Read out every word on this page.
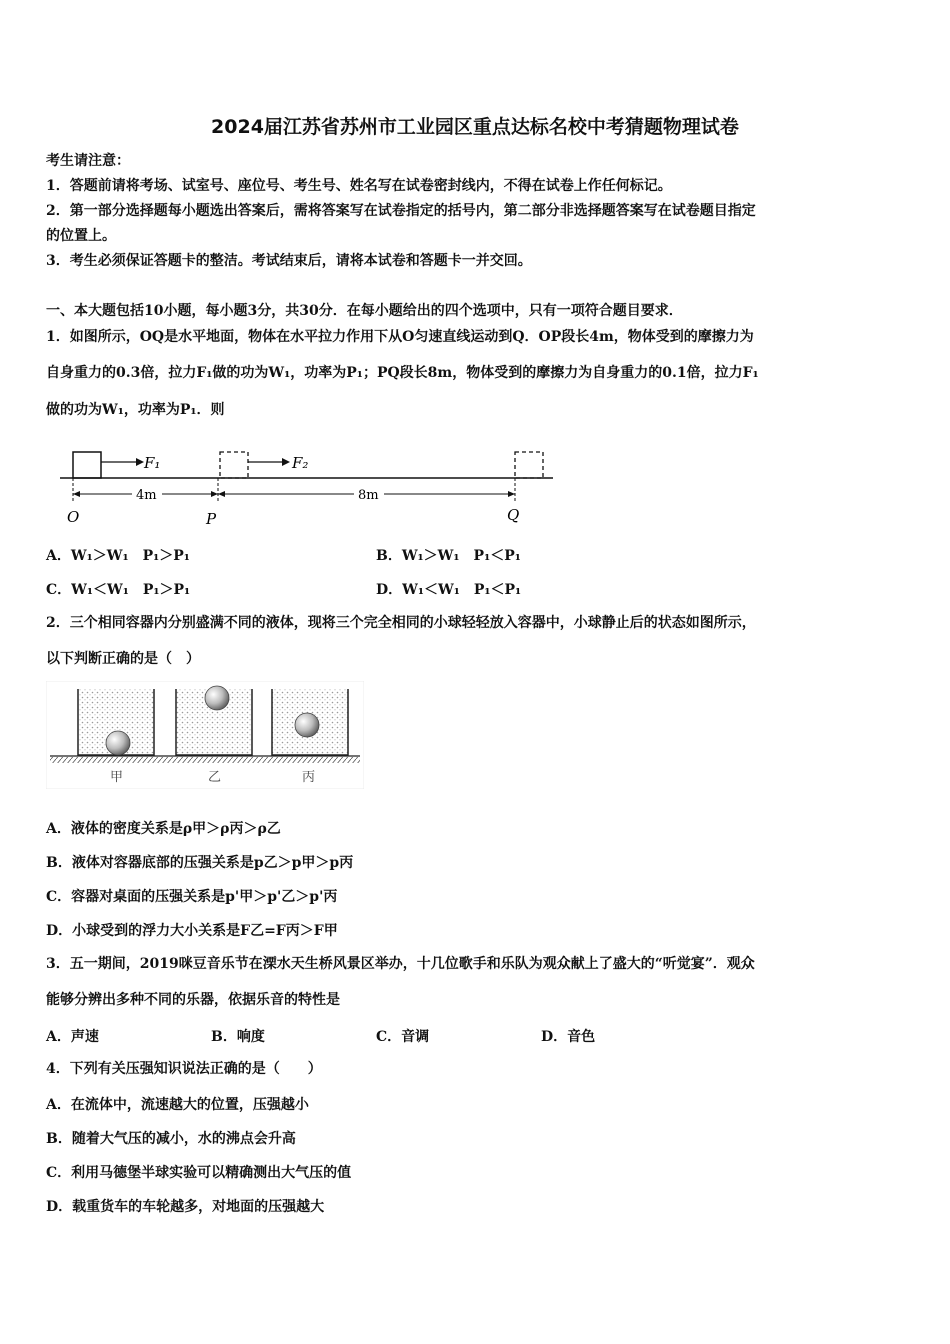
2024届江苏省苏州市工业园区重点达标名校中考猜题物理试卷
考生请注意：
1．答题前请将考场、试室号、座位号、考生号、姓名写在试卷密封线内，不得在试卷上作任何标记。
2．第一部分选择题每小题选出答案后，需将答案写在试卷指定的括号内，第二部分非选择题答案写在试卷题目指定
的位置上。
3．考生必须保证答题卡的整洁。考试结束后，请将本试卷和答题卡一并交回。
一、本大题包括10小题，每小题3分，共30分．在每小题给出的四个选项中，只有一项符合题目要求．
1．如图所示，OQ是水平地面，物体在水平拉力作用下从O匀速直线运动到Q．OP段长4m，物体受到的摩擦力为
自身重力的0.3倍，拉力F₁做的功为W₁，功率为P₁；PQ段长8m，物体受到的摩擦力为自身重力的0.1倍，拉力F₁
做的功为W₁，功率为P₁．则
F₁	F₂
4m	8m
O	P	Q
A．W₁＞W₁　P₁＞P₁	B．W₁＞W₁　P₁＜P₁
C．W₁＜W₁　P₁＞P₁	D．W₁＜W₁　P₁＜P₁
2．三个相同容器内分别盛满不同的液体，现将三个完全相同的小球轻轻放入容器中，小球静止后的状态如图所示，
以下判断正确的是（　）
甲	乙	丙
A．液体的密度关系是ρ甲＞ρ丙＞ρ乙
B．液体对容器底部的压强关系是p乙＞p甲＞p丙
C．容器对桌面的压强关系是p'甲＞p'乙＞p'丙
D．小球受到的浮力大小关系是F乙=F丙＞F甲
3．五一期间，2019咪豆音乐节在溧水天生桥风景区举办，十几位歌手和乐队为观众献上了盛大的“听觉宴”．观众
能够分辨出多种不同的乐器，依据乐音的特性是
A．声速	B．响度	C．音调	D．音色
4．下列有关压强知识说法正确的是（　　）
A．在流体中，流速越大的位置，压强越小
B．随着大气压的减小，水的沸点会升高
C．利用马德堡半球实验可以精确测出大气压的值
D．载重货车的车轮越多，对地面的压强越大
